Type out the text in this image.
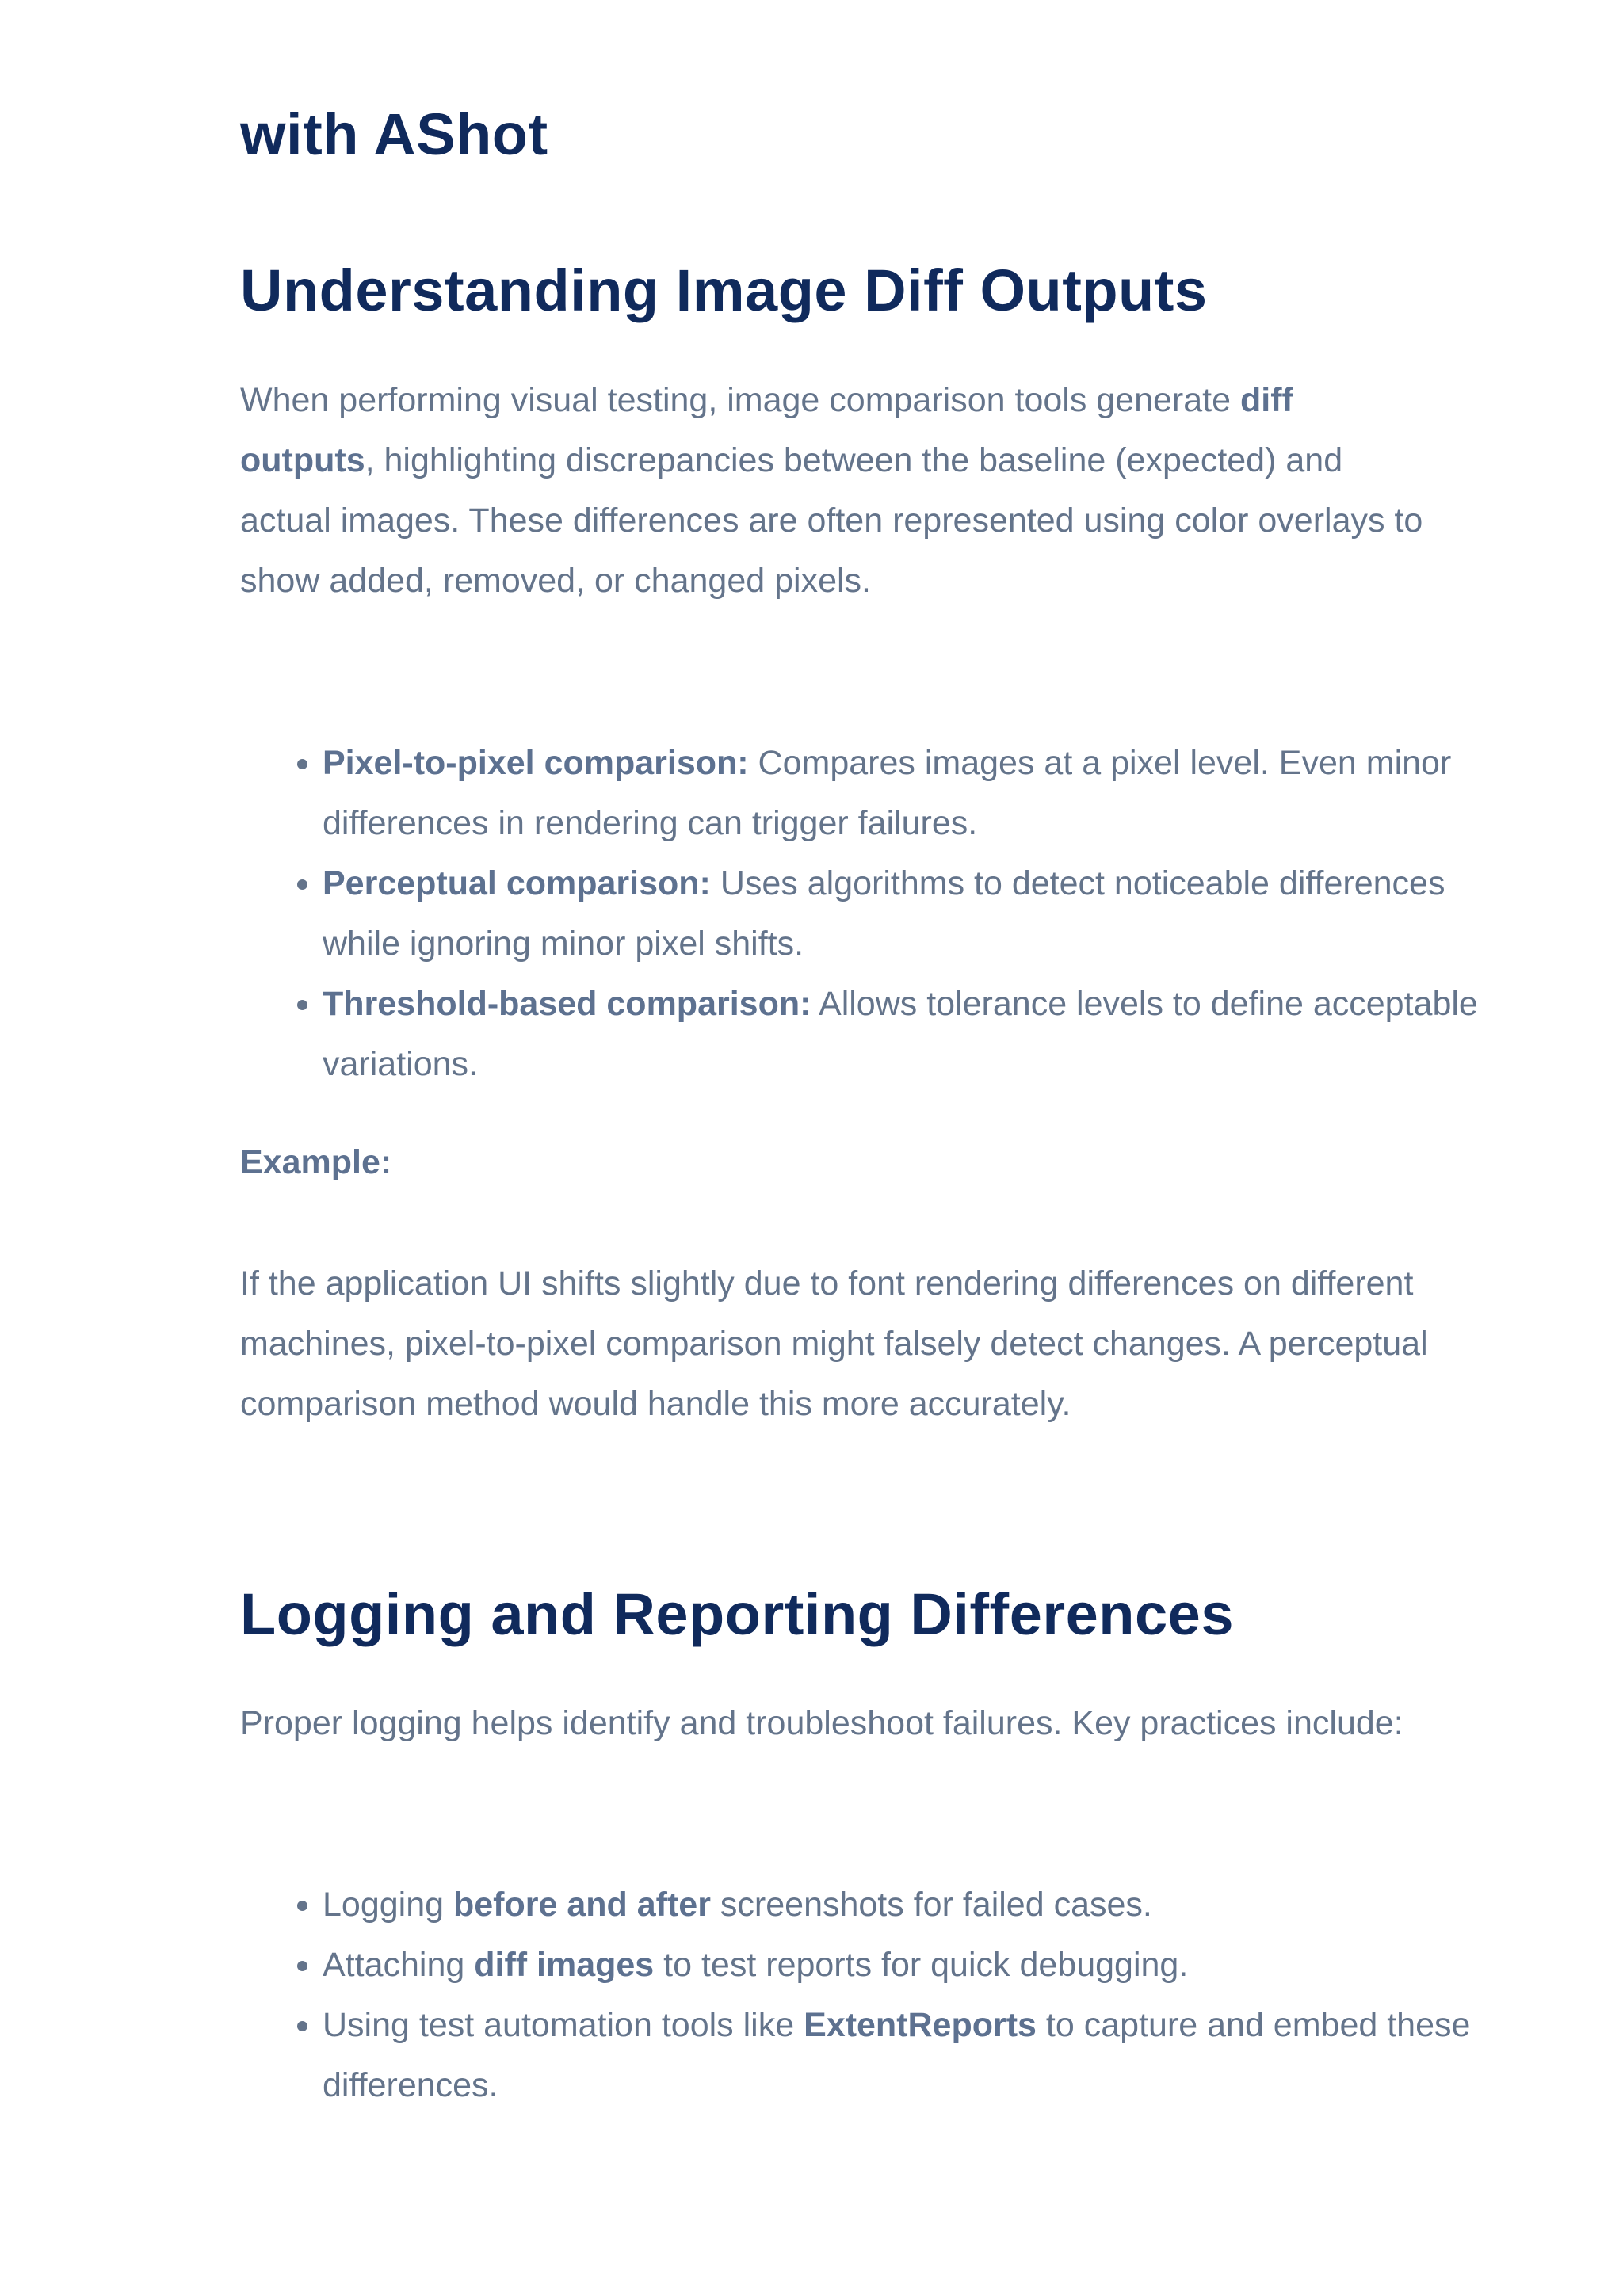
with AShot
Understanding Image Diff Outputs

When performing visual testing, image comparison tools generate diff outputs, highlighting discrepancies between the baseline (expected) and actual images. These differences are often represented using color overlays to show added, removed, or changed pixels.

• Pixel-to-pixel comparison: Compares images at a pixel level. Even minor differences in rendering can trigger failures.
• Perceptual comparison: Uses algorithms to detect noticeable differences while ignoring minor pixel shifts.
• Threshold-based comparison: Allows tolerance levels to define acceptable variations.

Example:

If the application UI shifts slightly due to font rendering differences on different machines, pixel-to-pixel comparison might falsely detect changes. A perceptual comparison method would handle this more accurately.

Logging and Reporting Differences

Proper logging helps identify and troubleshoot failures. Key practices include:

• Logging before and after screenshots for failed cases.
• Attaching diff images to test reports for quick debugging.
• Using test automation tools like ExtentReports to capture and embed these differences.
